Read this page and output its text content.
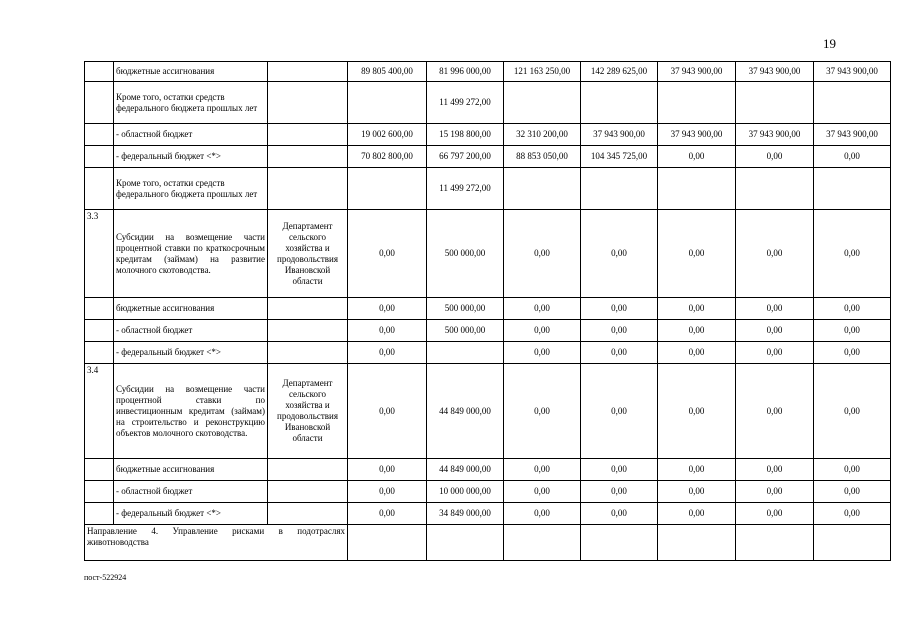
19
	бюджетные ассигнования		89 805 400,00	81 996 000,00	121 163 250,00	142 289 625,00	37 943 900,00	37 943 900,00	37 943 900,00
	Кроме того, остатки средств федерального бюджета прошлых лет			11 499 272,00					
	- областной бюджет		19 002 600,00	15 198 800,00	32 310 200,00	37 943 900,00	37 943 900,00	37 943 900,00	37 943 900,00
	- федеральный бюджет <*>		70 802 800,00	66 797 200,00	88 853 050,00	104 345 725,00	0,00	0,00	0,00
	Кроме того, остатки средств федерального бюджета прошлых лет			11 499 272,00					
3.3	Субсидии на возмещение части процентной ставки по краткосрочным кредитам (займам) на развитие молочного скотоводства.	Департамент сельского хозяйства и продовольствия Ивановской области	0,00	500 000,00	0,00	0,00	0,00	0,00	0,00
	бюджетные ассигнования		0,00	500 000,00	0,00	0,00	0,00	0,00	0,00
	- областной бюджет		0,00	500 000,00	0,00	0,00	0,00	0,00	0,00
	- федеральный бюджет <*>		0,00		0,00	0,00	0,00	0,00	0,00
3.4	Субсидии на возмещение части процентной ставки по инвестиционным кредитам (займам) на строительство и реконструкцию объектов молочного скотоводства.	Департамент сельского хозяйства и продовольствия Ивановской области	0,00	44 849 000,00	0,00	0,00	0,00	0,00	0,00
	бюджетные ассигнования		0,00	44 849 000,00	0,00	0,00	0,00	0,00	0,00
	- областной бюджет		0,00	10 000 000,00	0,00	0,00	0,00	0,00	0,00
	- федеральный бюджет <*>		0,00	34 849 000,00	0,00	0,00	0,00	0,00	0,00
Направление 4. Управление рисками в подотраслях животноводства									
пост-522924
